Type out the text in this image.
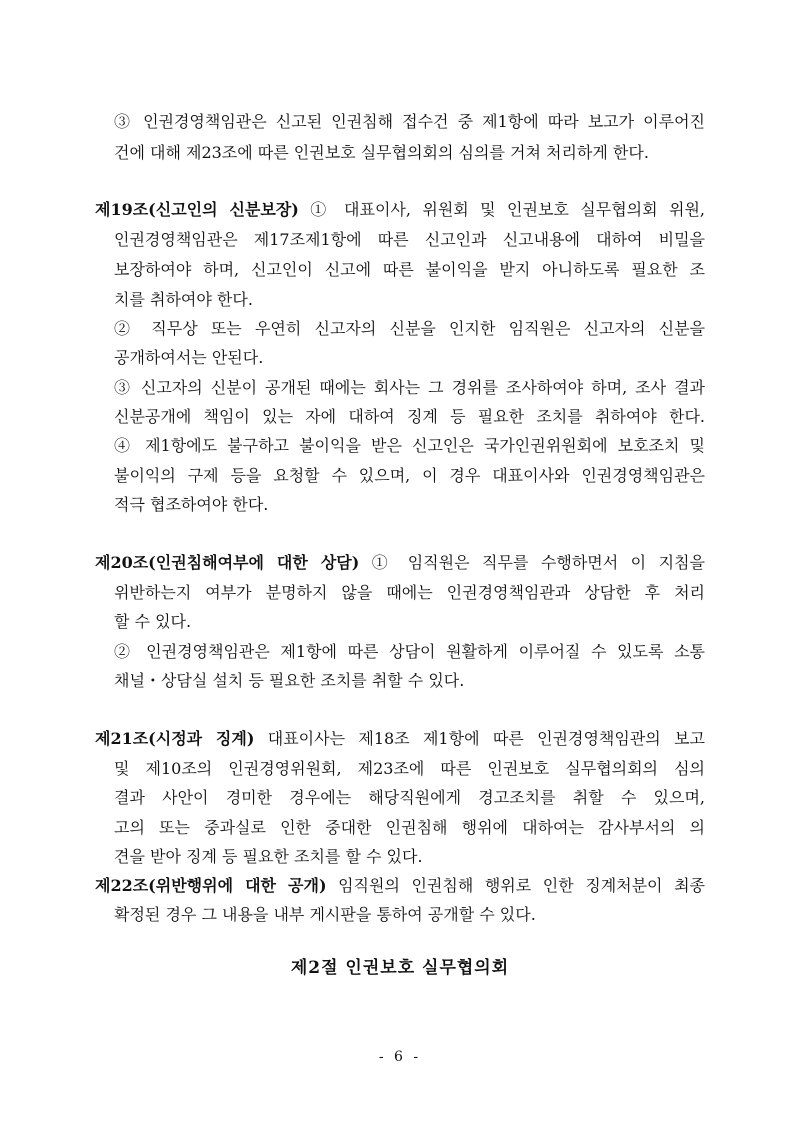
③ 인권경영책임관은 신고된 인권침해 접수건 중 제1항에 따라 보고가 이루어진
건에 대해 제23조에 따른 인권보호 실무협의회의 심의를 거쳐 처리하게 한다.
제19조(신고인의 신분보장) ① 대표이사, 위원회 및 인권보호 실무협의회 위원,
인권경영책임관은 제17조제1항에 따른 신고인과 신고내용에 대하여 비밀을
보장하여야 하며, 신고인이 신고에 따른 불이익을 받지 아니하도록 필요한 조
치를 취하여야 한다.
② 직무상 또는 우연히 신고자의 신분을 인지한 임직원은 신고자의 신분을
공개하여서는 안된다.
③ 신고자의 신분이 공개된 때에는 회사는 그 경위를 조사하여야 하며, 조사 결과
신분공개에 책임이 있는 자에 대하여 징계 등 필요한 조치를 취하여야 한다.
④ 제1항에도 불구하고 불이익을 받은 신고인은 국가인권위원회에 보호조치 및
불이익의 구제 등을 요청할 수 있으며, 이 경우 대표이사와 인권경영책임관은
적극 협조하여야 한다.
제20조(인권침해여부에 대한 상담) ① 임직원은 직무를 수행하면서 이 지침을
위반하는지 여부가 분명하지 않을 때에는 인권경영책임관과 상담한 후 처리
할 수 있다.
② 인권경영책임관은 제1항에 따른 상담이 원활하게 이루어질 수 있도록 소통
채널・상담실 설치 등 필요한 조치를 취할 수 있다.
제21조(시정과 징계) 대표이사는 제18조 제1항에 따른 인권경영책임관의 보고
및 제10조의 인권경영위원회, 제23조에 따른 인권보호 실무협의회의 심의
결과 사안이 경미한 경우에는 해당직원에게 경고조치를 취할 수 있으며,
고의 또는 중과실로 인한 중대한 인권침해 행위에 대하여는 감사부서의 의
견을 받아 징계 등 필요한 조치를 할 수 있다.
제22조(위반행위에 대한 공개) 임직원의 인권침해 행위로 인한 징계처분이 최종
확정된 경우 그 내용을 내부 게시판을 통하여 공개할 수 있다.
제2절 인권보호 실무협의회
- 6 -
